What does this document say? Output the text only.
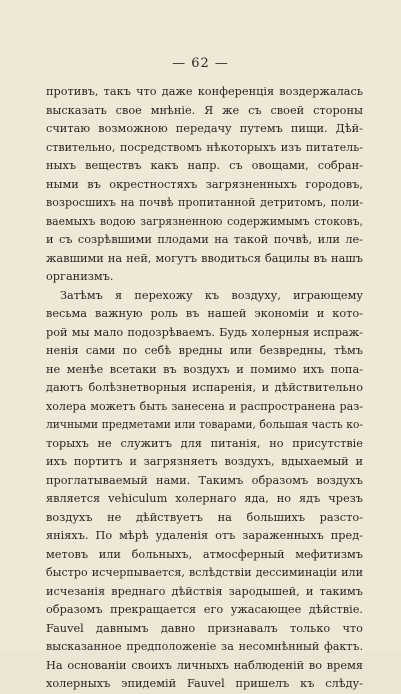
— 62 —
противъ, такъ что даже конференція воздержалась
высказать свое мнѣніе. Я же съ своей стороны
считаю возможною передачу путемъ пищи. Дѣй-
ствительно, посредствомъ нѣкоторыхъ изъ питатель-
ныхъ веществъ какъ напр. съ овощами, собран-
ными въ окрестностяхъ загрязненныхъ городовъ,
возросшихъ на почвѣ пропитанной детритомъ, поли-
ваемыхъ водою загрязненною содержимымъ стоковъ,
и съ созрѣвшими плодами на такой почвѣ, или ле-
жавшими на ней, могутъ вводиться бацилы въ нашъ
организмъ.
Затѣмъ я перехожу къ воздуху, играющему
весьма важную роль въ нашей экономіи и кото-
рой мы мало подозрѣваемъ. Будь холерныя испраж-
ненія сами по себѣ вредны или безвредны, тѣмъ
не менѣе всетаки въ воздухъ и помимо ихъ попа-
даютъ болѣзнетворныя испаренія, и дѣйствительно
холера можетъ быть занесена и распространена раз-
личными предметами или товарами, большая часть ко-
торыхъ не служитъ для питанія, но присутствіе
ихъ портитъ и загрязняетъ воздухъ, вдыхаемый и
проглатываемый нами. Такимъ образомъ воздухъ
является vehiculum холернаго яда, но ядъ чрезъ
воздухъ не дѣйствуетъ на большихъ разсто-
яніяхъ. По мѣрѣ удаленія отъ зараженныхъ пред-
метовъ или больныхъ, атмосферный мефитизмъ
быстро исчерпывается, вслѣдствіи дессиминаціи или
исчезанія вреднаго дѣйствія зародышей, и такимъ
образомъ прекращается его ужасающее дѣйствіе.
Fauvel давнымъ давно признавалъ только что
высказанное предположеніе за несомнѣнный фактъ.
На основаніи своихъ личныхъ наблюденій во время
холерныхъ эпидемій Fauvel пришелъ къ слѣду-
